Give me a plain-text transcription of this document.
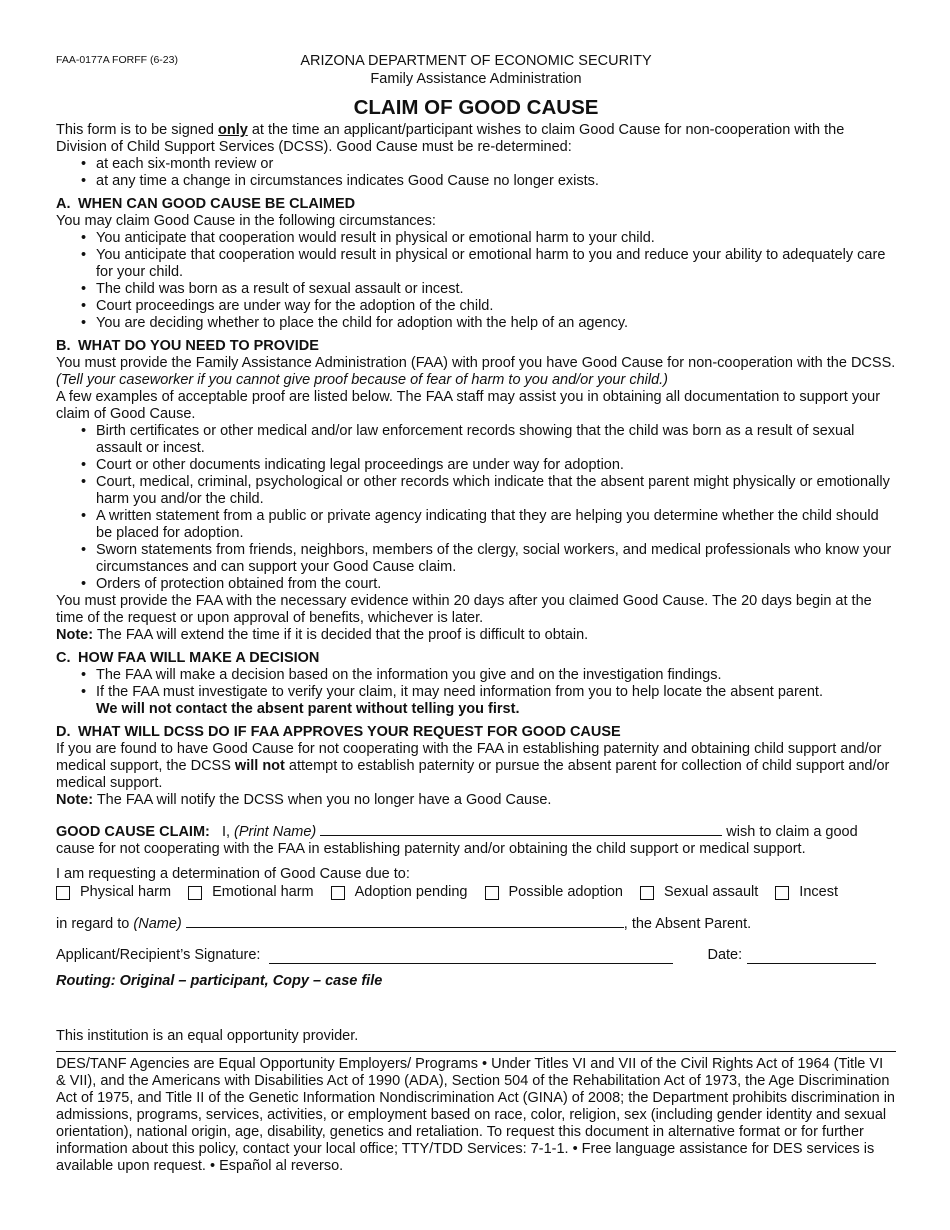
FAA-0177A FORFF (6-23)	ARIZONA DEPARTMENT OF ECONOMIC SECURITY
Family Assistance Administration
CLAIM OF GOOD CAUSE

This form is to be signed only at the time an applicant/participant wishes to claim Good Cause for non-cooperation with the Division of Child Support Services (DCSS). Good Cause must be re-determined:

• at each six-month review or
• at any time a change in circumstances indicates Good Cause no longer exists.
A. WHEN CAN GOOD CAUSE BE CLAIMED

You may claim Good Cause in the following circumstances:

• You anticipate that cooperation would result in physical or emotional harm to your child.
• You anticipate that cooperation would result in physical or emotional harm to you and reduce your ability to adequately care for your child.
• The child was born as a result of sexual assault or incest.
• Court proceedings are under way for the adoption of the child.
• You are deciding whether to place the child for adoption with the help of an agency.
B. WHAT DO YOU NEED TO PROVIDE

You must provide the Family Assistance Administration (FAA) with proof you have Good Cause for non-cooperation with the DCSS. (Tell your caseworker if you cannot give proof because of fear of harm to you and/or your child.)

A few examples of acceptable proof are listed below. The FAA staff may assist you in obtaining all documentation to support your claim of Good Cause.

• Birth certificates or other medical and/or law enforcement records showing that the child was born as a result of sexual assault or incest.
• Court or other documents indicating legal proceedings are under way for adoption.
• Court, medical, criminal, psychological or other records which indicate that the absent parent might physically or emotionally harm you and/or the child.
• A written statement from a public or private agency indicating that they are helping you determine whether the child should be placed for adoption.
• Sworn statements from friends, neighbors, members of the clergy, social workers, and medical professionals who know your circumstances and can support your Good Cause claim.
• Orders of protection obtained from the court.

You must provide the FAA with the necessary evidence within 20 days after you claimed Good Cause. The 20 days begin at the time of the request or upon approval of benefits, whichever is later.

Note: The FAA will extend the time if it is decided that the proof is difficult to obtain.

C. HOW FAA WILL MAKE A DECISION
• The FAA will make a decision based on the information you give and on the investigation findings.
• If the FAA must investigate to verify your claim, it may need information from you to help locate the absent parent.
We will not contact the absent parent without telling you first.
D. WHAT WILL DCSS DO IF FAA APPROVES YOUR REQUEST FOR GOOD CAUSE

If you are found to have Good Cause for not cooperating with the FAA in establishing paternity and obtaining child support and/or medical support, the DCSS will not attempt to establish paternity or pursue the absent parent for collection of child support and/or medical support.

Note: The FAA will notify the DCSS when you no longer have a Good Cause.

GOOD CAUSE CLAIM: I, (Print Name)	wish to claim a good

cause for not cooperating with the FAA in establishing paternity and/or obtaining the child support or medical support.

I am requesting a determination of Good Cause due to:

Physical harm	Emotional harm	Adoption pending	Possible adoption	Sexual assault	Incest
in regard to (Name)	, the Absent Parent.
Applicant/Recipient’s Signature:	Date:

Routing: Original – participant, Copy – case file

This institution is an equal opportunity provider.

DES/TANF Agencies are Equal Opportunity Employers/ Programs • Under Titles VI and VII of the Civil Rights Act of 1964 (Title VI & VII), and the Americans with Disabilities Act of 1990 (ADA), Section 504 of the Rehabilitation Act of 1973, the Age Discrimination Act of 1975, and Title II of the Genetic Information Nondiscrimination Act (GINA) of 2008; the Department prohibits discrimination in admissions, programs, services, activities, or employment based on race, color, religion, sex (including gender identity and sexual orientation), national origin, age, disability, genetics and retaliation. To request this document in alternative format or for further information about this policy, contact your local office; TTY/TDD Services: 7-1-1. • Free language assistance for DES services is available upon request. • Español al reverso.
